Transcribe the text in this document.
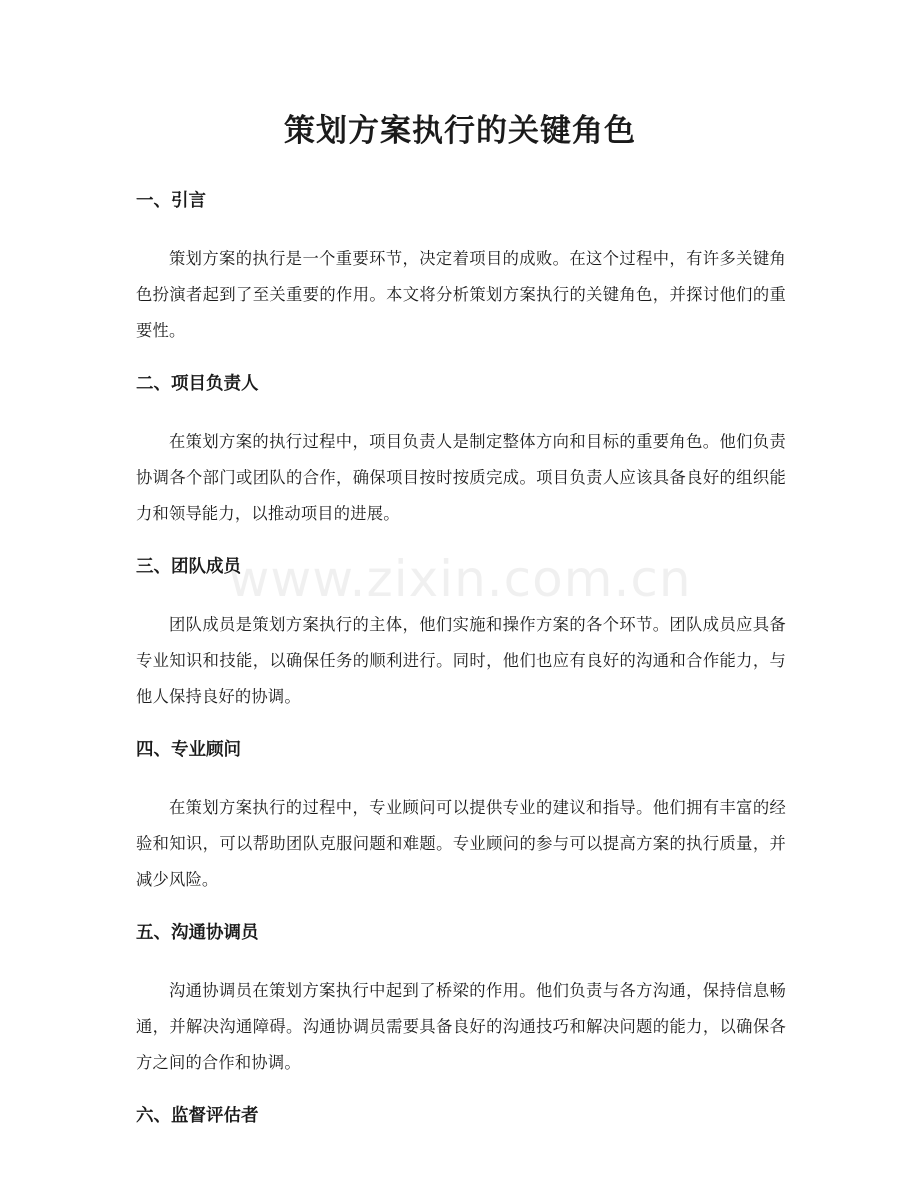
www.zixin.com.cn
策划方案执行的关键角色
一、引言

策划方案的执行是一个重要环节，决定着项目的成败。在这个过程中，有许多关键角色扮演者起到了至关重要的作用。本文将分析策划方案执行的关键角色，并探讨他们的重要性。

二、项目负责人

在策划方案的执行过程中，项目负责人是制定整体方向和目标的重要角色。他们负责协调各个部门或团队的合作，确保项目按时按质完成。项目负责人应该具备良好的组织能力和领导能力，以推动项目的进展。

三、团队成员

团队成员是策划方案执行的主体，他们实施和操作方案的各个环节。团队成员应具备专业知识和技能，以确保任务的顺利进行。同时，他们也应有良好的沟通和合作能力，与他人保持良好的协调。

四、专业顾问

在策划方案执行的过程中，专业顾问可以提供专业的建议和指导。他们拥有丰富的经验和知识，可以帮助团队克服问题和难题。专业顾问的参与可以提高方案的执行质量，并减少风险。

五、沟通协调员

沟通协调员在策划方案执行中起到了桥梁的作用。他们负责与各方沟通，保持信息畅通，并解决沟通障碍。沟通协调员需要具备良好的沟通技巧和解决问题的能力，以确保各方之间的合作和协调。

六、监督评估者
